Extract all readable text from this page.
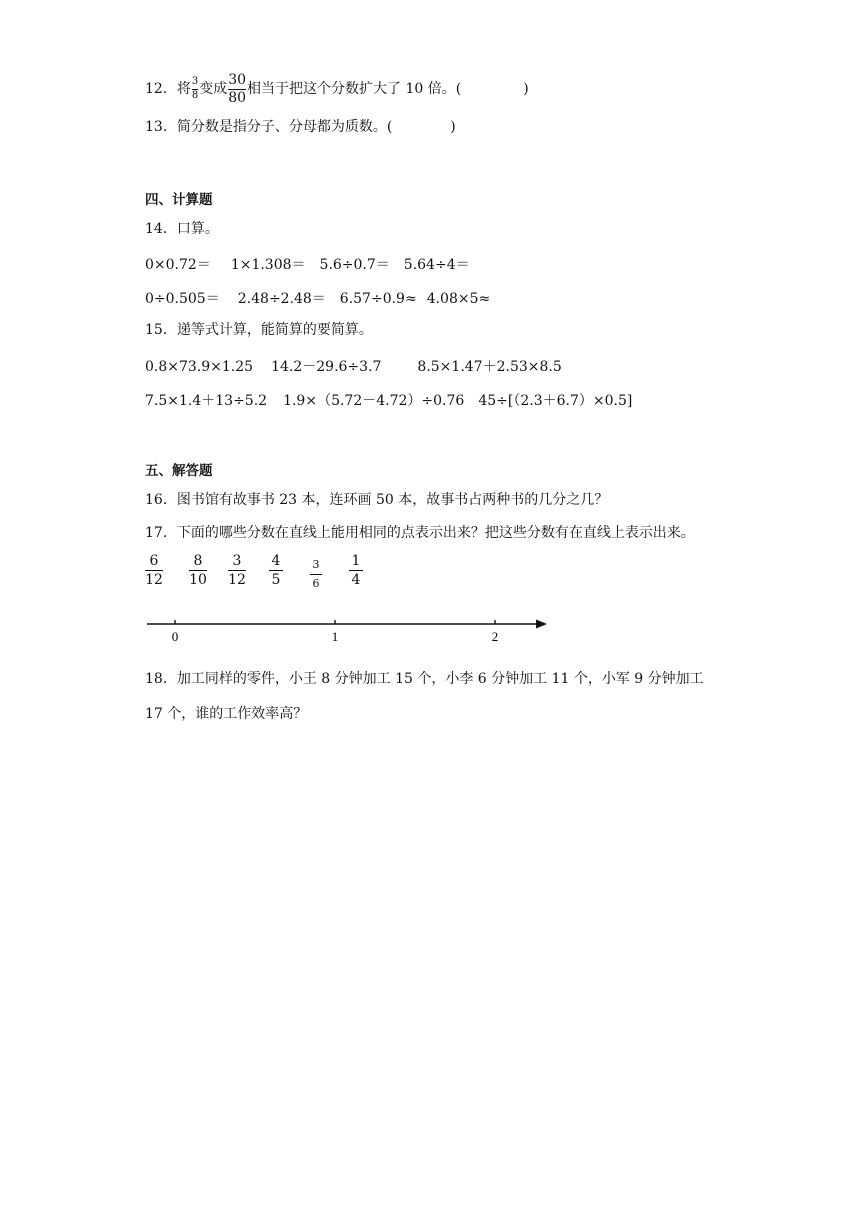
12．将 $\frac{3}{8}$ 变成 $\frac{30}{80}$ 相当于把这个分数扩大了 10 倍。(	)
13．简分数是指分子、分母都为质数。(	)
四、计算题
14．口算。
0×0.72＝ 1×1.308＝ 5.6÷0.7＝ 5.64÷4＝
0÷0.505＝ 2.48÷2.48＝ 6.57÷0.9≈ 4.08×5≈
15．递等式计算，能简算的要简算。
0.8×73.9×1.25 14.2－29.6÷3.7	8.5×1.47＋2.53×8.5
7.5×1.4＋13÷5.2 1.9×（5.72－4.72）÷0.76 45÷[（2.3＋6.7）×0.5]
五、解答题
16．图书馆有故事书 23 本，连环画 50 本，故事书占两种书的几分之几？
17．下面的哪些分数在直线上能用相同的点表示出来？把这些分数有在直线上表示出来。
6
12
8
10
3
12
4
5
3
6
1
4
0	1	2
18．加工同样的零件，小王 8 分钟加工 15 个，小李 6 分钟加工 11 个，小军 9 分钟加工
17 个，谁的工作效率高？
